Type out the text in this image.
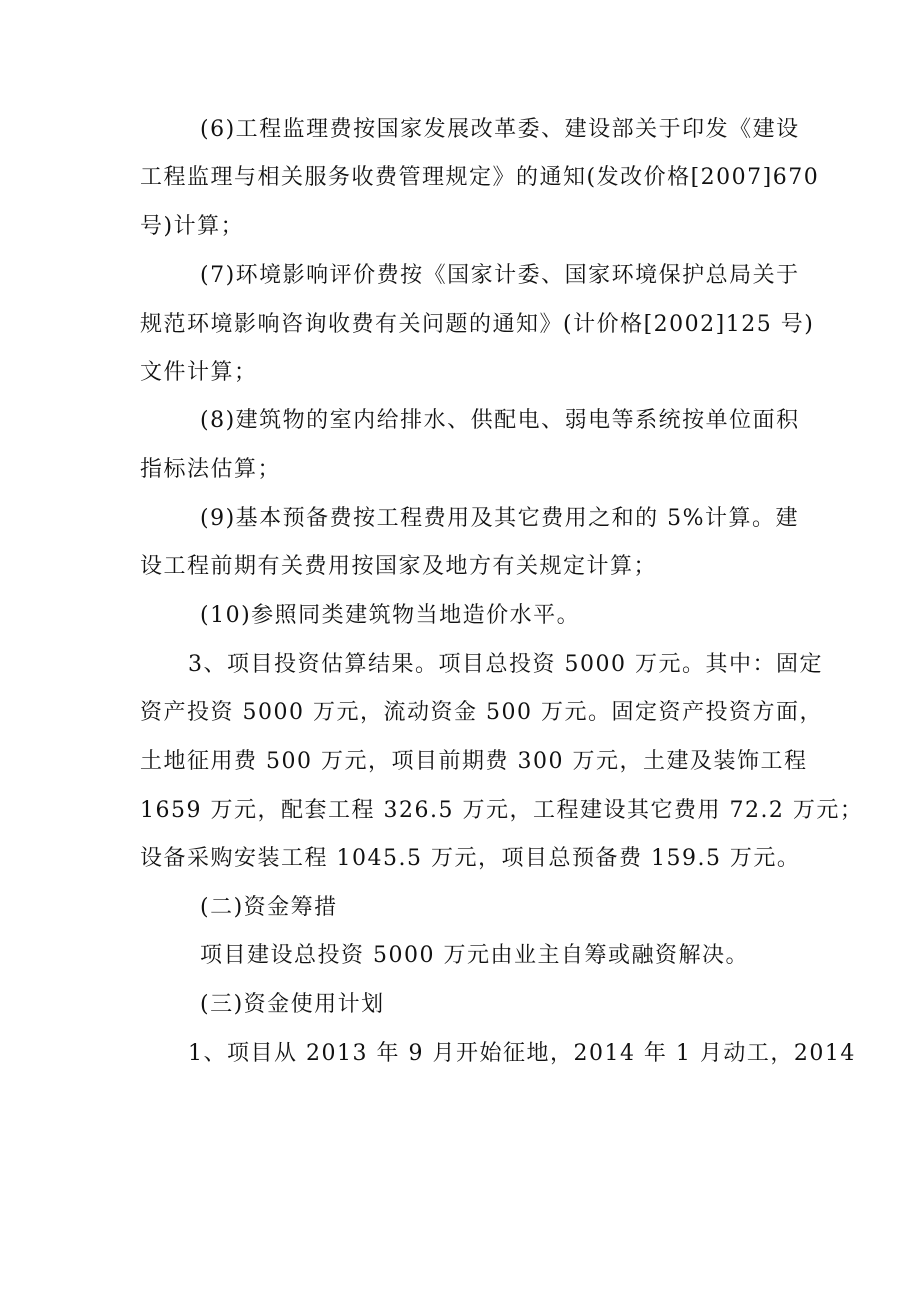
(6)工程监理费按国家发展改革委、建设部关于印发《建设
工程监理与相关服务收费管理规定》的通知(发改价格[2007]670
号)计算；
(7)环境影响评价费按《国家计委、国家环境保护总局关于
规范环境影响咨询收费有关问题的通知》(计价格[2002]125 号)
文件计算；
(8)建筑物的室内给排水、供配电、弱电等系统按单位面积
指标法估算；
(9)基本预备费按工程费用及其它费用之和的 5%计算。建
设工程前期有关费用按国家及地方有关规定计算；
(10)参照同类建筑物当地造价水平。
3、项目投资估算结果。项目总投资 5000 万元。其中：固定
资产投资 5000 万元，流动资金 500 万元。固定资产投资方面，
土地征用费 500 万元，项目前期费 300 万元，土建及装饰工程
1659 万元，配套工程 326.5 万元，工程建设其它费用 72.2 万元；
设备采购安装工程 1045.5 万元，项目总预备费 159.5 万元。
(二)资金筹措
项目建设总投资 5000 万元由业主自筹或融资解决。
(三)资金使用计划
1、项目从 2013 年 9 月开始征地，2014 年 1 月动工，2014
